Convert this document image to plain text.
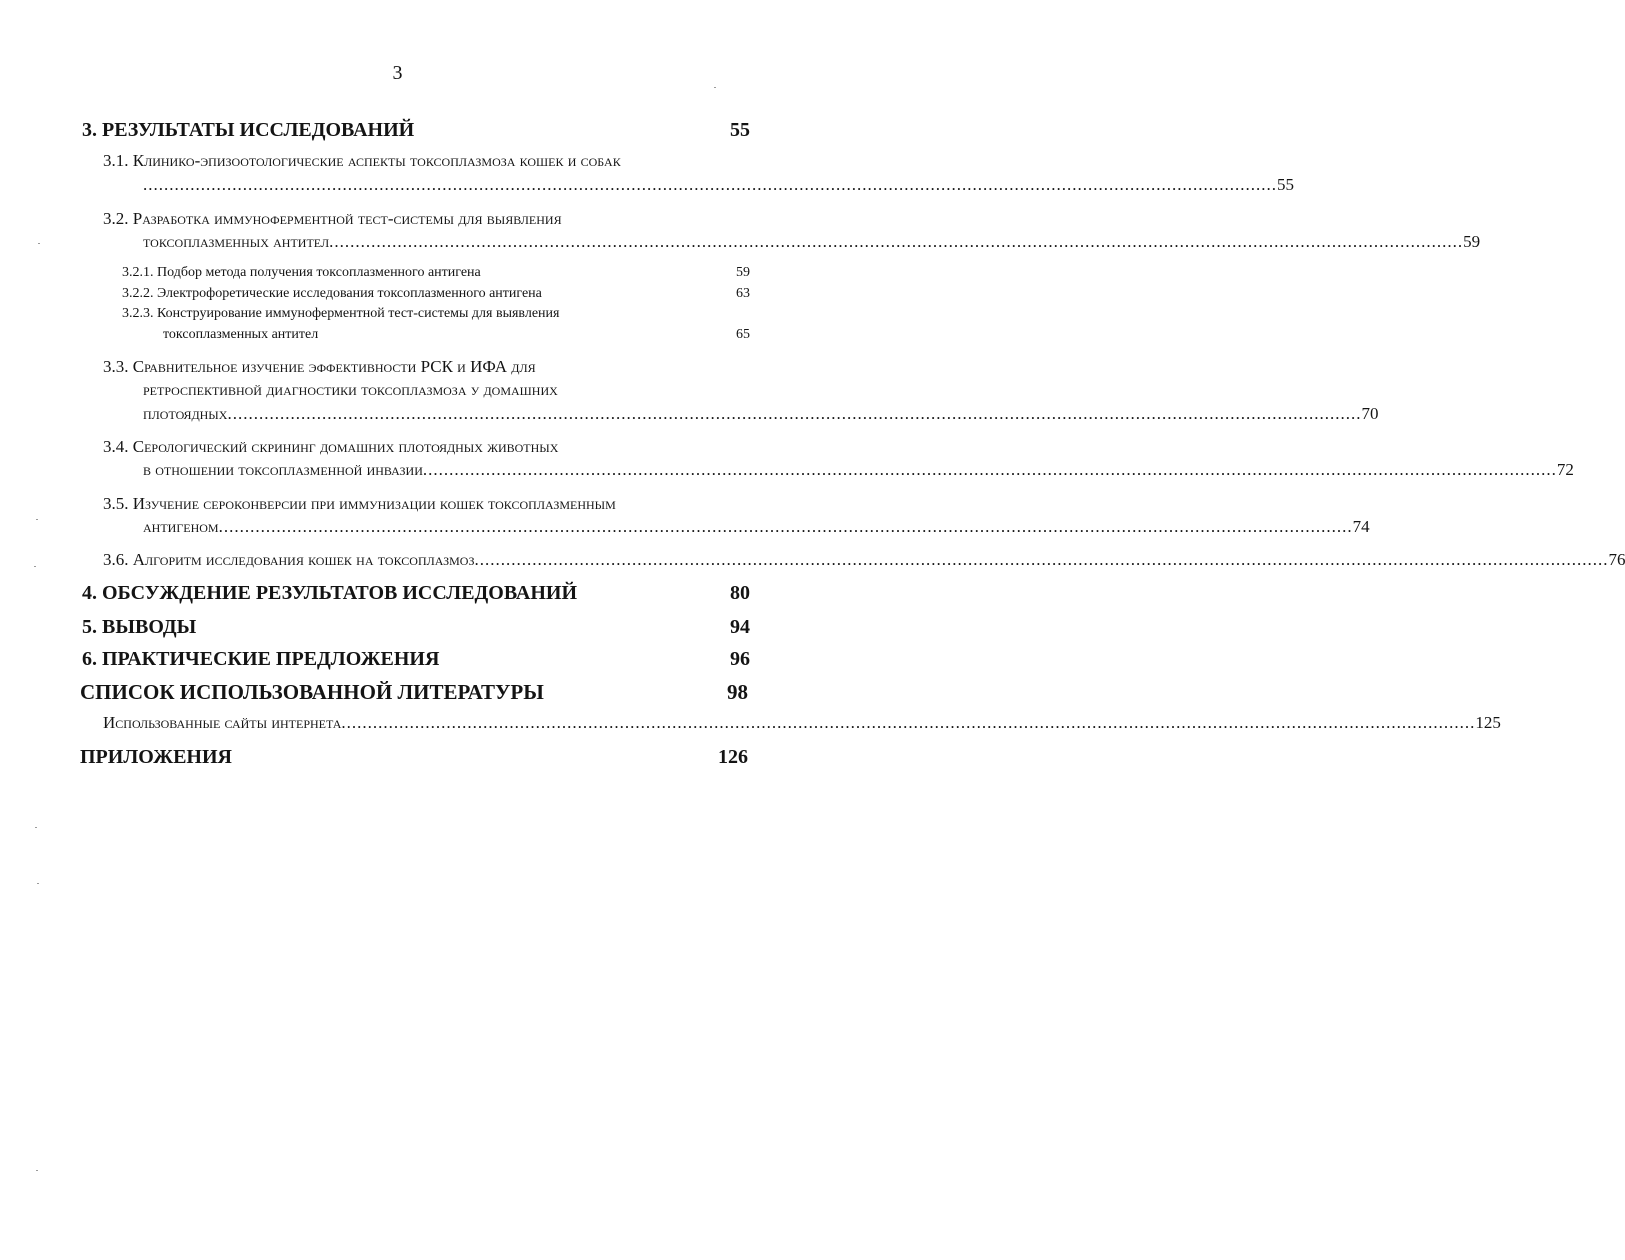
3
3. РЕЗУЛЬТАТЫ ИССЛЕДОВАНИЙ	55
3.1. Клинико-эпизоотологические аспекты токсоплазмоза кошек и собак
........................................................................................................................................................................................................................ 55
3.2. Разработка иммуноферментной тест-системы для выявления
токсоплазменных антител ........................................................................................................................................................................................................................ 59
3.2.1. Подбор метода получения токсоплазменного антигена	59
3.2.2. Электрофоретические исследования токсоплазменного антигена	63
3.2.3. Конструирование иммуноферментной тест-системы для выявления
токсоплазменных антител	65
3.3. Сравнительное изучение эффективности РСК и ИФА для
ретроспективной диагностики токсоплазмоза у домашних
плотоядных ........................................................................................................................................................................................................................ 70
3.4. Серологический скрининг домашних плотоядных животных
в отношении токсоплазменной инвазии ........................................................................................................................................................................................................................ 72
3.5. Изучение сероконверсии при иммунизации кошек токсоплазменным
антигеном ........................................................................................................................................................................................................................ 74
3.6. Алгоритм исследования кошек на токсоплазмоз ........................................................................................................................................................................................................................ 76
4. ОБСУЖДЕНИЕ РЕЗУЛЬТАТОВ ИССЛЕДОВАНИЙ	80
5. ВЫВОДЫ	94
6. ПРАКТИЧЕСКИЕ ПРЕДЛОЖЕНИЯ	96
СПИСОК ИСПОЛЬЗОВАННОЙ ЛИТЕРАТУРЫ	98
Использованные сайты интернета ........................................................................................................................................................................................................................ 125
ПРИЛОЖЕНИЯ	126
